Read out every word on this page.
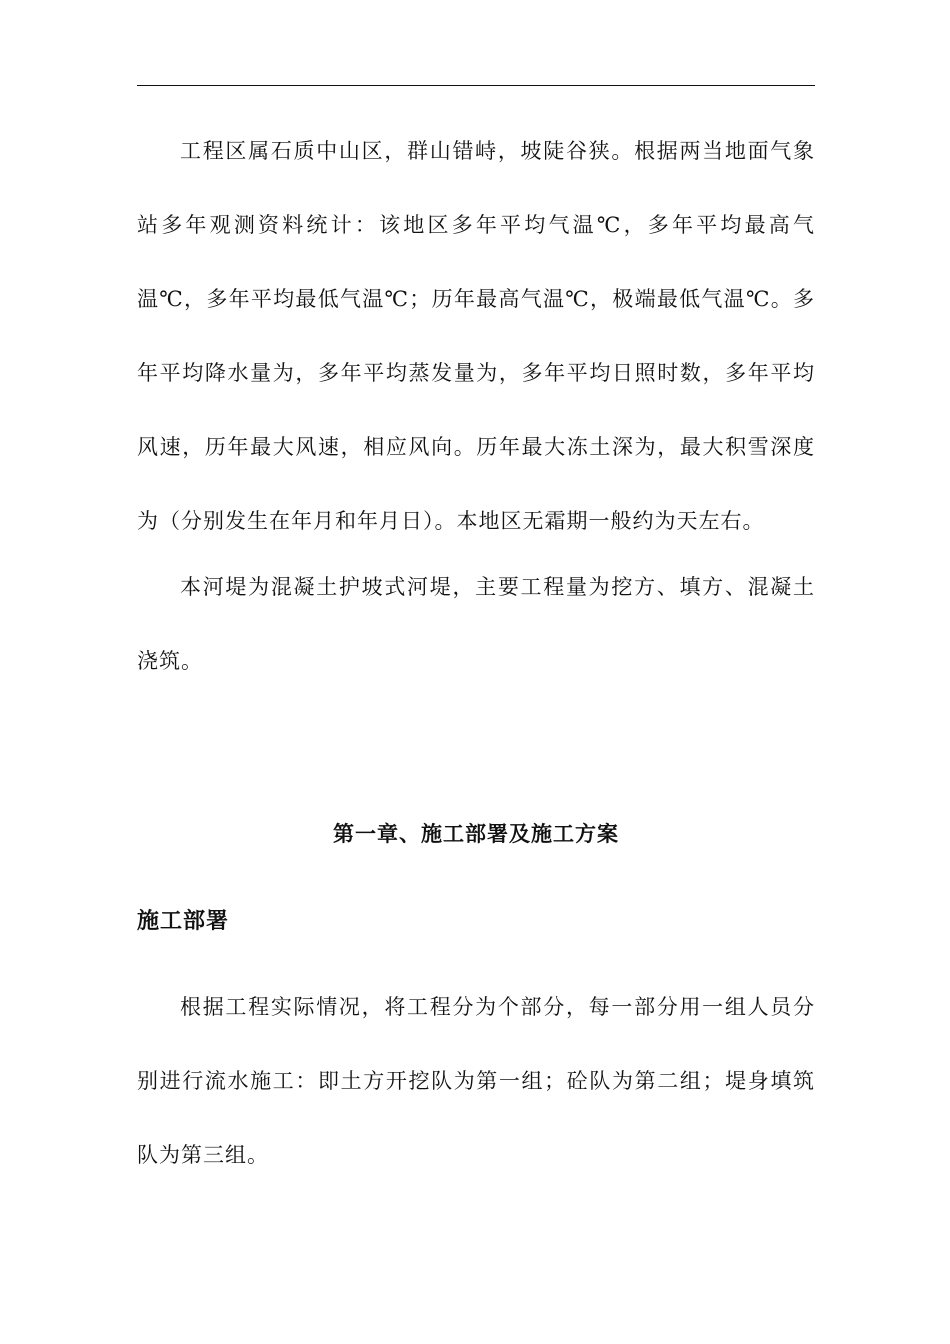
工程区属石质中山区，群山错峙，坡陡谷狭。根据两当地面气象站多年观测资料统计：该地区多年平均气温℃，多年平均最高气温℃，多年平均最低气温℃；历年最高气温℃，极端最低气温℃。多年平均降水量为，多年平均蒸发量为，多年平均日照时数，多年平均风速，历年最大风速，相应风向。历年最大冻土深为，最大积雪深度为（分别发生在年月和年月日）。本地区无霜期一般约为天左右。

本河堤为混凝土护坡式河堤，主要工程量为挖方、填方、混凝土浇筑。

第一章、施工部署及施工方案
施工部署

根据工程实际情况，将工程分为个部分，每一部分用一组人员分别进行流水施工：即土方开挖队为第一组；砼队为第二组；堤身填筑队为第三组。
